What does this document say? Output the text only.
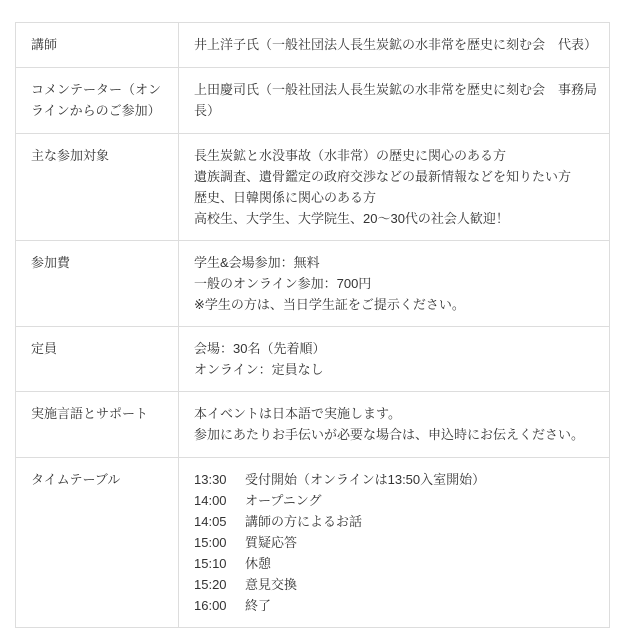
講師	井上洋子氏（一般社団法人長生炭鉱の水非常を歴史に刻む会　代表）

コメンテーター（オンラインからのご参加）	上田慶司氏（一般社団法人長生炭鉱の水非常を歴史に刻む会　事務局長）

主な参加対象	長生炭鉱と水没事故（水非常）の歴史に関心のある方
遺族調査、遺骨鑑定の政府交渉などの最新情報などを知りたい方
歴史、日韓関係に関心のある方
高校生、大学生、大学院生、20〜30代の社会人歓迎！

参加費	学生&会場参加：無料
一般のオンライン参加：700円
※学生の方は、当日学生証をご提示ください。

定員	会場：30名（先着順）
オンライン：定員なし

実施言語とサポート	本イベントは日本語で実施します。
参加にあたりお手伝いが必要な場合は、申込時にお伝えください。

タイムテーブル	13:30 受付開始（オンラインは13:50入室開始）
14:00 オープニング
14:05 講師の方によるお話
15:00 質疑応答
15:10 休憩
15:20 意見交換
16:00 終了
